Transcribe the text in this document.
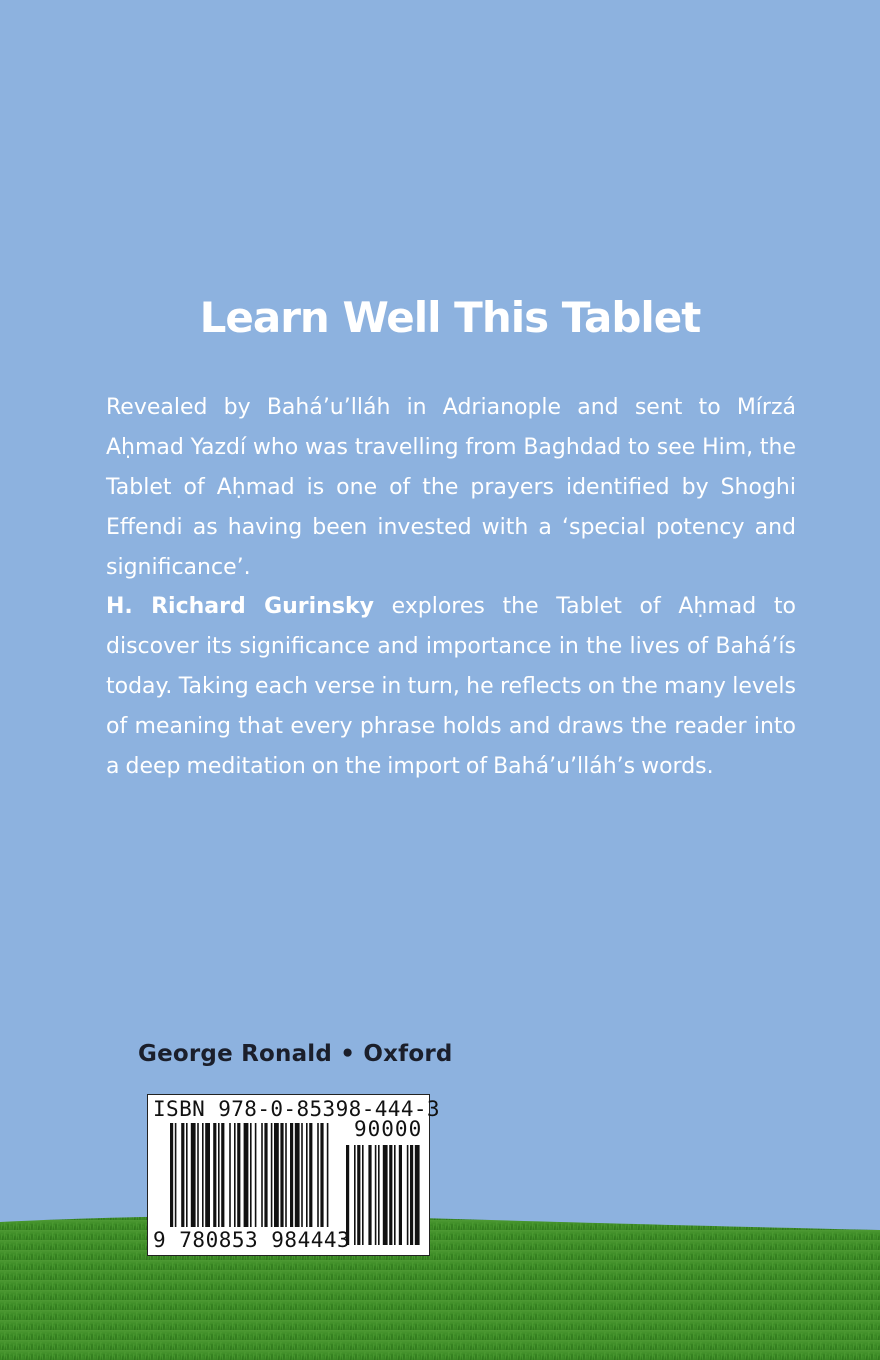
Learn Well This Tablet
Revealed by Bahá’u’lláh in Adrianople and sent to Mírzá Aḥmad Yazdí who was travelling from Baghdad to see Him, the Tablet of Aḥmad is one of the prayers identified by Shoghi Effendi as having been invested with a ‘special potency and significance’.
H. Richard Gurinsky explores the Tablet of Aḥmad to discover its significance and importance in the lives of Bahá’ís today. Taking each verse in turn, he reflects on the many levels of meaning that every phrase holds and draws the reader into a deep meditation on the import of Bahá’u’lláh’s words.
George Ronald • Oxford
ISBN 978-0-85398-444-3
90000
9 780853 984443
